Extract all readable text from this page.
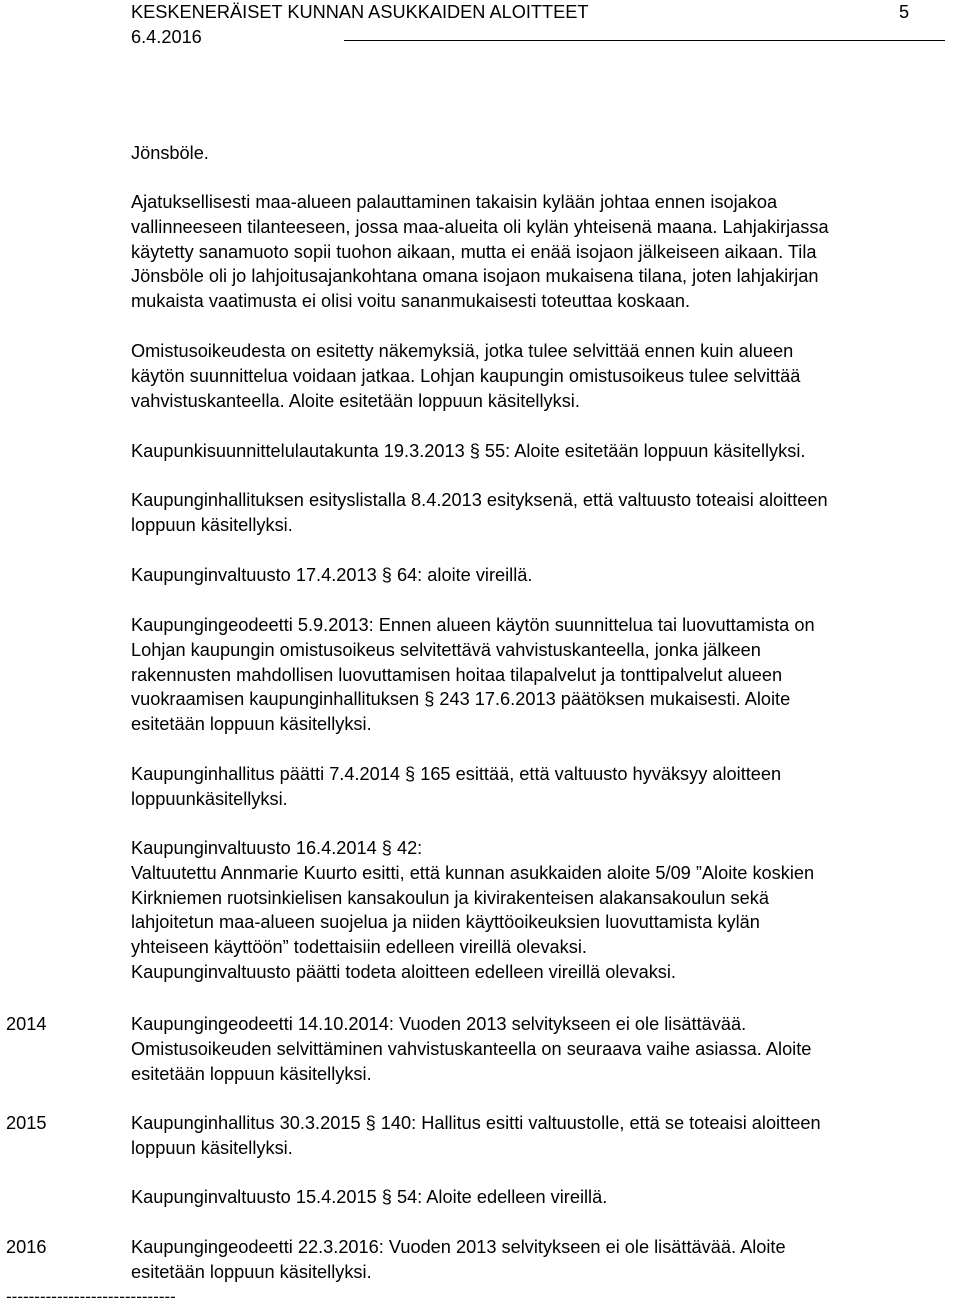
KESKENERÄISET KUNNAN ASUKKAIDEN ALOITTEET	5
6.4.2016

Jönsböle.

Ajatuksellisesti maa-alueen palauttaminen takaisin kylään johtaa ennen isojakoa
vallinneeseen tilanteeseen, jossa maa-alueita oli kylän yhteisenä maana. Lahjakirjassa
käytetty sanamuoto sopii tuohon aikaan, mutta ei enää isojaon jälkeiseen aikaan. Tila
Jönsböle oli jo lahjoitusajankohtana omana isojaon mukaisena tilana, joten lahjakirjan
mukaista vaatimusta ei olisi voitu sananmukaisesti toteuttaa koskaan.

Omistusoikeudesta on esitetty näkemyksiä, jotka tulee selvittää ennen kuin alueen
käytön suunnittelua voidaan jatkaa. Lohjan kaupungin omistusoikeus tulee selvittää
vahvistuskanteella. Aloite esitetään loppuun käsitellyksi.

Kaupunkisuunnittelulautakunta 19.3.2013 § 55: Aloite esitetään loppuun käsitellyksi.

Kaupunginhallituksen esityslistalla 8.4.2013 esityksenä, että valtuusto toteaisi aloitteen
loppuun käsitellyksi.

Kaupunginvaltuusto 17.4.2013 § 64: aloite vireillä.

Kaupungingeodeetti 5.9.2013: Ennen alueen käytön suunnittelua tai luovuttamista on
Lohjan kaupungin omistusoikeus selvitettävä vahvistuskanteella, jonka jälkeen
rakennusten mahdollisen luovuttamisen hoitaa tilapalvelut ja tonttipalvelut alueen
vuokraamisen kaupunginhallituksen § 243 17.6.2013 päätöksen mukaisesti. Aloite
esitetään loppuun käsitellyksi.

Kaupunginhallitus päätti 7.4.2014 § 165 esittää, että valtuusto hyväksyy aloitteen
loppuunkäsitellyksi.

Kaupunginvaltuusto 16.4.2014 § 42:
Valtuutettu Annmarie Kuurto esitti, että kunnan asukkaiden aloite 5/09 ”Aloite koskien
Kirkniemen ruotsinkielisen kansakoulun ja kivirakenteisen alakansakoulun sekä
lahjoitetun maa-alueen suojelua ja niiden käyttöoikeuksien luovuttamista kylän
yhteiseen käyttöön” todettaisiin edelleen vireillä olevaksi.
Kaupunginvaltuusto päätti todeta aloitteen edelleen vireillä olevaksi.

2014	Kaupungingeodeetti 14.10.2014: Vuoden 2013 selvitykseen ei ole lisättävää.
Omistusoikeuden selvittäminen vahvistuskanteella on seuraava vaihe asiassa. Aloite
esitetään loppuun käsitellyksi.

2015	Kaupunginhallitus 30.3.2015 § 140: Hallitus esitti valtuustolle, että se toteaisi aloitteen
loppuun käsitellyksi.

Kaupunginvaltuusto 15.4.2015 § 54: Aloite edelleen vireillä.

2016	Kaupungingeodeetti 22.3.2016: Vuoden 2013 selvitykseen ei ole lisättävää. Aloite
esitetään loppuun käsitellyksi.

------------------------------
